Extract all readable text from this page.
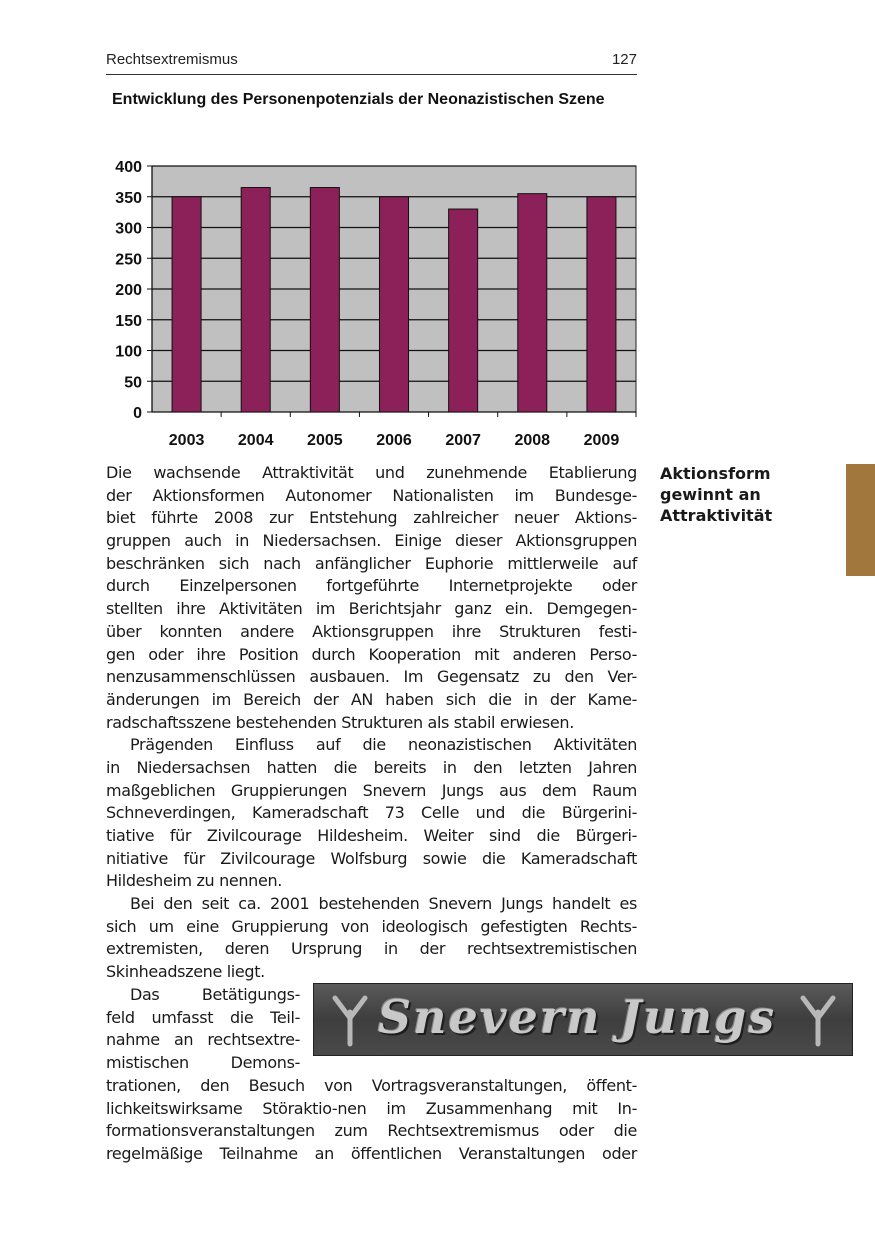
Rechtsextremismus	127
Entwicklung des Personenpotenzials der Neonazistischen Szene
0
50
100
150
200
250
300
350
400
2003 2004 2005 2006 2007 2008 2009
Aktionsform
gewinnt an
Attraktivität
Die wachsende Attraktivität und zunehmende Etablierung
der Aktionsformen Autonomer Nationalisten im Bundesge-
biet führte 2008 zur Entstehung zahlreicher neuer Aktions-
gruppen auch in Niedersachsen. Einige dieser Aktionsgruppen
beschränken sich nach anfänglicher Euphorie mittlerweile auf
durch Einzelpersonen fortgeführte Internetprojekte oder
stellten ihre Aktivitäten im Berichtsjahr ganz ein. Demgegen-
über konnten andere Aktionsgruppen ihre Strukturen festi-
gen oder ihre Position durch Kooperation mit anderen Perso-
nenzusammenschlüssen ausbauen. Im Gegensatz zu den Ver-
änderungen im Bereich der AN haben sich die in der Kame-
radschaftsszene bestehenden Strukturen als stabil erwiesen.
Prägenden Einfluss auf die neonazistischen Aktivitäten
in Niedersachsen hatten die bereits in den letzten Jahren
maßgeblichen Gruppierungen Snevern Jungs aus dem Raum
Schneverdingen, Kameradschaft 73 Celle und die Bürgerini-
tiative für Zivilcourage Hildesheim. Weiter sind die Bürgeri-
nitiative für Zivilcourage Wolfsburg sowie die Kameradschaft
Hildesheim zu nennen.
Bei den seit ca. 2001 bestehenden Snevern Jungs handelt es
sich um eine Gruppierung von ideologisch gefestigten Rechts-
extremisten, deren Ursprung in der rechtsextremistischen
Skinheadszene liegt.
Das Betätigungs-
feld umfasst die Teil-
nahme an rechtsextre-
mistischen Demons-
trationen, den Besuch von Vortragsveranstaltungen, öffent-
lichkeitswirksame Störaktio-nen im Zusammenhang mit In-
formationsveranstaltungen zum Rechtsextremismus oder die
regelmäßige Teilnahme an öffentlichen Veranstaltungen oder
Snevern Jungs
